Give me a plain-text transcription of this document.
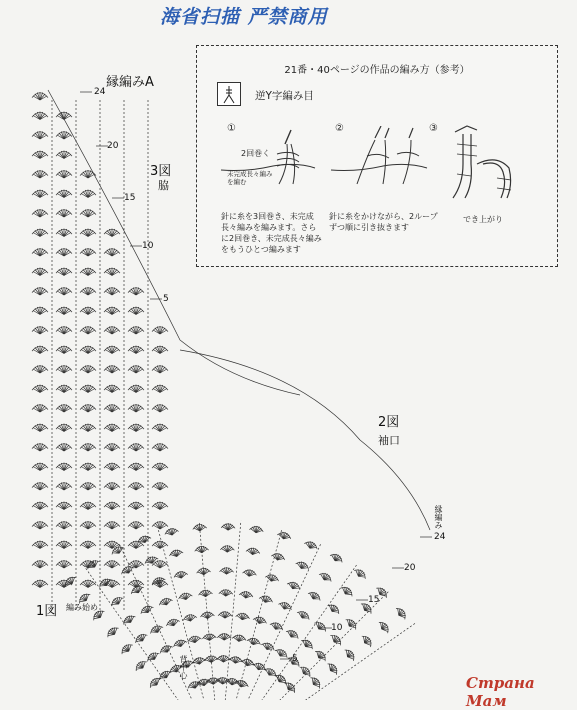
海省扫描 严禁商用
縁編みA
3図
脇
2図
袖口
1図 編み始め
背中心
縁編み
24
20
15
10
5
24
20
15
10
5
21番・40ページの作品の編み方（参考）
逆Y字編み目
①
2回巻く
未完成長々編みを編む
針に糸を3回巻き、未完成
長々編みを編みます。さら
に2回巻き、未完成長々編み
をもうひとつ編みます
②
針に糸をかけながら、2ループ
ずつ順に引き抜きます
③
でき上がり
Страна Мам
